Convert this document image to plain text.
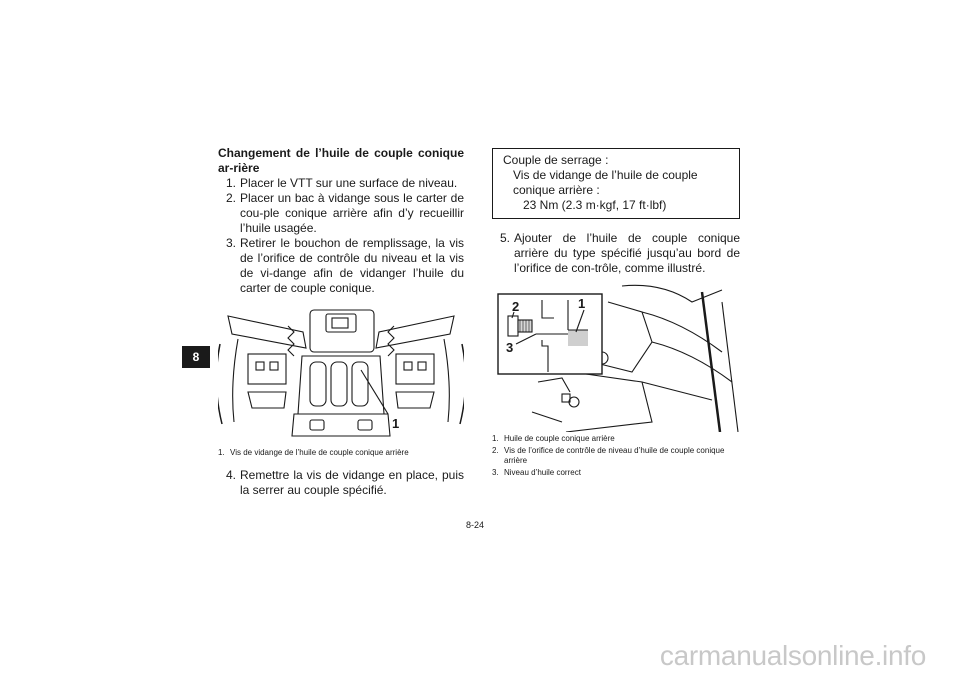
8
Changement de l’huile de couple conique ar-rière

1. Placer le VTT sur une surface de niveau.

2. Placer un bac à vidange sous le carter de cou-ple conique arrière afin d’y recueillir l’huile usagée.

3. Retirer le bouchon de remplissage, la vis de l’orifice de contrôle du niveau et la vis de vi-dange afin de vidanger l’huile du carter de couple conique.

1

1. Vis de vidange de l’huile de couple conique arrière

4. Remettre la vis de vidange en place, puis la serrer au couple spécifié.

Couple de serrage :
Vis de vidange de l’huile de couple conique arrière :
23 Nm (2.3 m·kgf, 17 ft·lbf)

5. Ajouter de l’huile de couple conique arrière du type spécifié jusqu’au bord de l’orifice de con-trôle, comme illustré.

2	1
3

1. Huile de couple conique arrière

2. Vis de l’orifice de contrôle de niveau d’huile de couple conique arrière

3. Niveau d’huile correct

8-24
carmanualsonline.info
